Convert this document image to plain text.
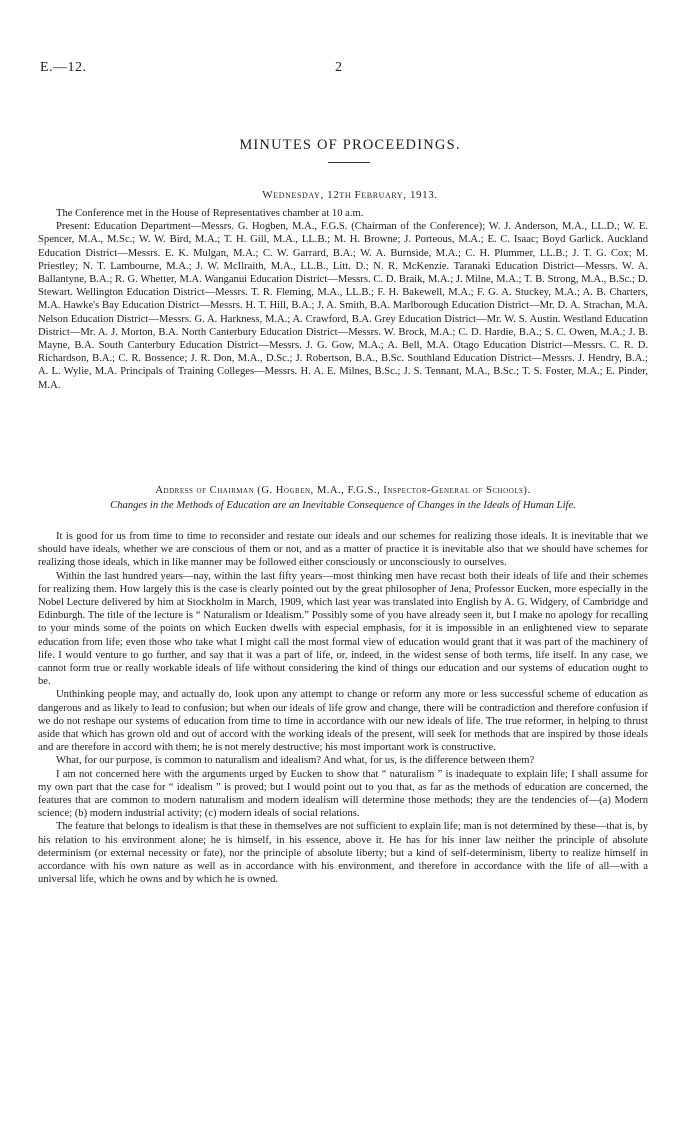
E.—12.	2
MINUTES OF PROCEEDINGS.
Wednesday, 12th February, 1913.

The Conference met in the House of Representatives chamber at 10 a.m.

Present: Education Department—Messrs. G. Hogben, M.A., F.G.S. (Chairman of the Conference); W. J. Anderson, M.A., LL.D.; W. E. Spencer, M.A., M.Sc.; W. W. Bird, M.A.; T. H. Gill, M.A., LL.B.; M. H. Browne; J. Porteous, M.A.; E. C. Isaac; Boyd Garlick. Auckland Education District—Messrs. E. K. Mulgan, M.A.; C. W. Garrard, B.A.; W. A. Burnside, M.A.; C. H. Plummer, LL.B.; J. T. G. Cox; M. Priestley; N. T. Lambourne, M.A.; J. W. McIlraith, M.A., LL.B., Litt. D.; N. R. McKenzie. Taranaki Education District—Messrs. W. A. Ballantyne, B.A.; R. G. Whetter, M.A. Wanganui Education District—Messrs. C. D. Braik, M.A.; J. Milne, M.A.; T. B. Strong, M.A., B.Sc.; D. Stewart. Wellington Education District—Messrs. T. R. Fleming, M.A., LL.B.; F. H. Bakewell, M.A.; F. G. A. Stuckey, M.A.; A. B. Charters, M.A. Hawke's Bay Education District—Messrs. H. T. Hill, B.A.; J. A. Smith, B.A. Marlborough Education District—Mr. D. A. Strachan, M.A. Nelson Education District—Messrs. G. A. Harkness, M.A.; A. Crawford, B.A. Grey Education District—Mr. W. S. Austin. Westland Education District—Mr. A. J. Morton, B.A. North Canterbury Education District—Messrs. W. Brock, M.A.; C. D. Hardie, B.A.; S. C. Owen, M.A.; J. B. Mayne, B.A. South Canterbury Education District—Messrs. J. G. Gow, M.A.; A. Bell, M.A. Otago Education District—Messrs. C. R. D. Richardson, B.A.; C. R. Bossence; J. R. Don, M.A., D.Sc.; J. Robertson, B.A., B.Sc. Southland Education District—Messrs. J. Hendry, B.A.; A. L. Wylie, M.A. Principals of Training Colleges—Messrs. H. A. E. Milnes, B.Sc.; J. S. Tennant, M.A., B.Sc.; T. S. Foster, M.A.; E. Pinder, M.A.

Address of Chairman (G. Hogben, M.A., F.G.S., Inspector-General of Schools).
Changes in the Methods of Education are an Inevitable Consequence of Changes in the Ideals of Human Life.

It is good for us from time to time to reconsider and restate our ideals and our schemes for realizing those ideals. It is inevitable that we should have ideals, whether we are conscious of them or not, and as a matter of practice it is inevitable also that we should have schemes for realizing those ideals, which in like manner may be followed either consciously or unconsciously to ourselves.

Within the last hundred years—nay, within the last fifty years—most thinking men have recast both their ideals of life and their schemes for realizing them. How largely this is the case is clearly pointed out by the great philosopher of Jena, Professor Eucken, more especially in the Nobel Lecture delivered by him at Stockholm in March, 1909, which last year was translated into English by A. G. Widgery, of Cambridge and Edinburgh. The title of the lecture is “ Naturalism or Idealism.” Possibly some of you have already seen it, but I make no apology for recalling to your minds some of the points on which Eucken dwells with especial emphasis, for it is impossible in an enlightened view to separate education from life; even those who take what I might call the most formal view of education would grant that it was part of the machinery of life. I would venture to go further, and say that it was a part of life, or, indeed, in the widest sense of both terms, life itself. In any case, we cannot form true or really workable ideals of life without considering the kind of things our education and our systems of education ought to be.

Unthinking people may, and actually do, look upon any attempt to change or reform any more or less successful scheme of education as dangerous and as likely to lead to confusion; but when our ideals of life grow and change, there will be contradiction and therefore confusion if we do not reshape our systems of education from time to time in accordance with our new ideals of life. The true reformer, in helping to thrust aside that which has grown old and out of accord with the working ideals of the present, will seek for methods that are inspired by those ideals and are therefore in accord with them; he is not merely destructive; his most important work is constructive.

What, for our purpose, is common to naturalism and idealism? And what, for us, is the difference between them?

I am not concerned here with the arguments urged by Eucken to show that “ naturalism ” is inadequate to explain life; I shall assume for my own part that the case for “ idealism ” is proved; but I would point out to you that, as far as the methods of education are concerned, the features that are common to modern naturalism and modern idealism will determine those methods; they are the tendencies of—(a) Modern science; (b) modern industrial activity; (c) modern ideals of social relations.

The feature that belongs to idealism is that these in themselves are not sufficient to explain life; man is not determined by these—that is, by his relation to his environment alone; he is himself, in his essence, above it. He has for his inner law neither the principle of absolute determinism (or external necessity or fate), nor the principle of absolute liberty; but a kind of self-determinism, liberty to realize himself in accordance with his own nature as well as in accordance with his environment, and therefore in accordance with the life of all—with a universal life, which he owns and by which he is owned.
